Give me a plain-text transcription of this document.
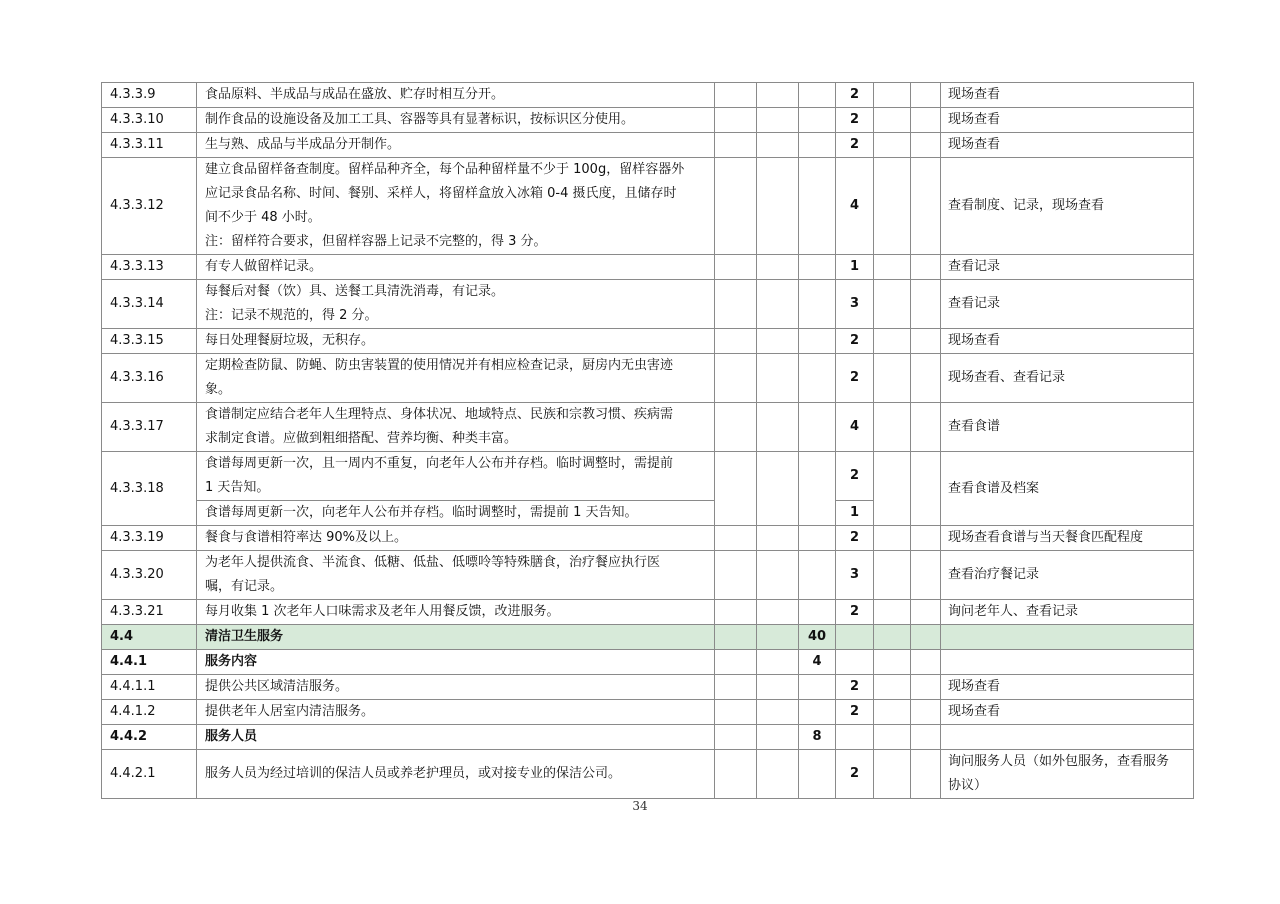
4.3.3.9	食品原料、半成品与成品在盛放、贮存时相互分开。				2			现场查看

4.3.3.10	制作食品的设施设备及加工工具、容器等具有显著标识，按标识区分使用。				2			现场查看

4.3.3.11	生与熟、成品与半成品分开制作。				2			现场查看

4.3.3.12	建立食品留样备查制度。留样品种齐全，每个品种留样量不少于 100g，留样容器外
应记录食品名称、时间、餐别、采样人，将留样盒放入冰箱 0-4 摄氏度，且储存时
间不少于 48 小时。
注：留样符合要求，但留样容器上记录不完整的，得 3 分。				4			查看制度、记录，现场查看

4.3.3.13	有专人做留样记录。				1			查看记录

4.3.3.14	每餐后对餐（饮）具、送餐工具清洗消毒，有记录。
注：记录不规范的，得 2 分。				3			查看记录

4.3.3.15	每日处理餐厨垃圾，无积存。				2			现场查看

4.3.3.16	定期检查防鼠、防蝇、防虫害装置的使用情况并有相应检查记录，厨房内无虫害迹
象。				2			现场查看、查看记录

4.3.3.17	食谱制定应结合老年人生理特点、身体状况、地域特点、民族和宗教习惯、疾病需
求制定食谱。应做到粗细搭配、营养均衡、种类丰富。				4			查看食谱

4.3.3.18	食谱每周更新一次，且一周内不重复，向老年人公布并存档。临时调整时，需提前
1 天告知。				2			查看食谱及档案

	食谱每周更新一次，向老年人公布并存档。临时调整时，需提前 1 天告知。				1			
4.3.3.19	餐食与食谱相符率达 90%及以上。				2			现场查看食谱与当天餐食匹配程度

4.3.3.20	为老年人提供流食、半流食、低糖、低盐、低嘌呤等特殊膳食，治疗餐应执行医
嘱，有记录。				3			查看治疗餐记录

4.3.3.21	每月收集 1 次老年人口味需求及老年人用餐反馈，改进服务。				2			询问老年人、查看记录

4.4	清洁卫生服务			40				
4.4.1	服务内容			4				
4.4.1.1	提供公共区域清洁服务。				2			现场查看

4.4.1.2	提供老年人居室内清洁服务。				2			现场查看

4.4.2	服务人员			8				
4.4.2.1	服务人员为经过培训的保洁人员或养老护理员，或对接专业的保洁公司。				2			询问服务人员（如外包服务，查看服务
协议）
34
